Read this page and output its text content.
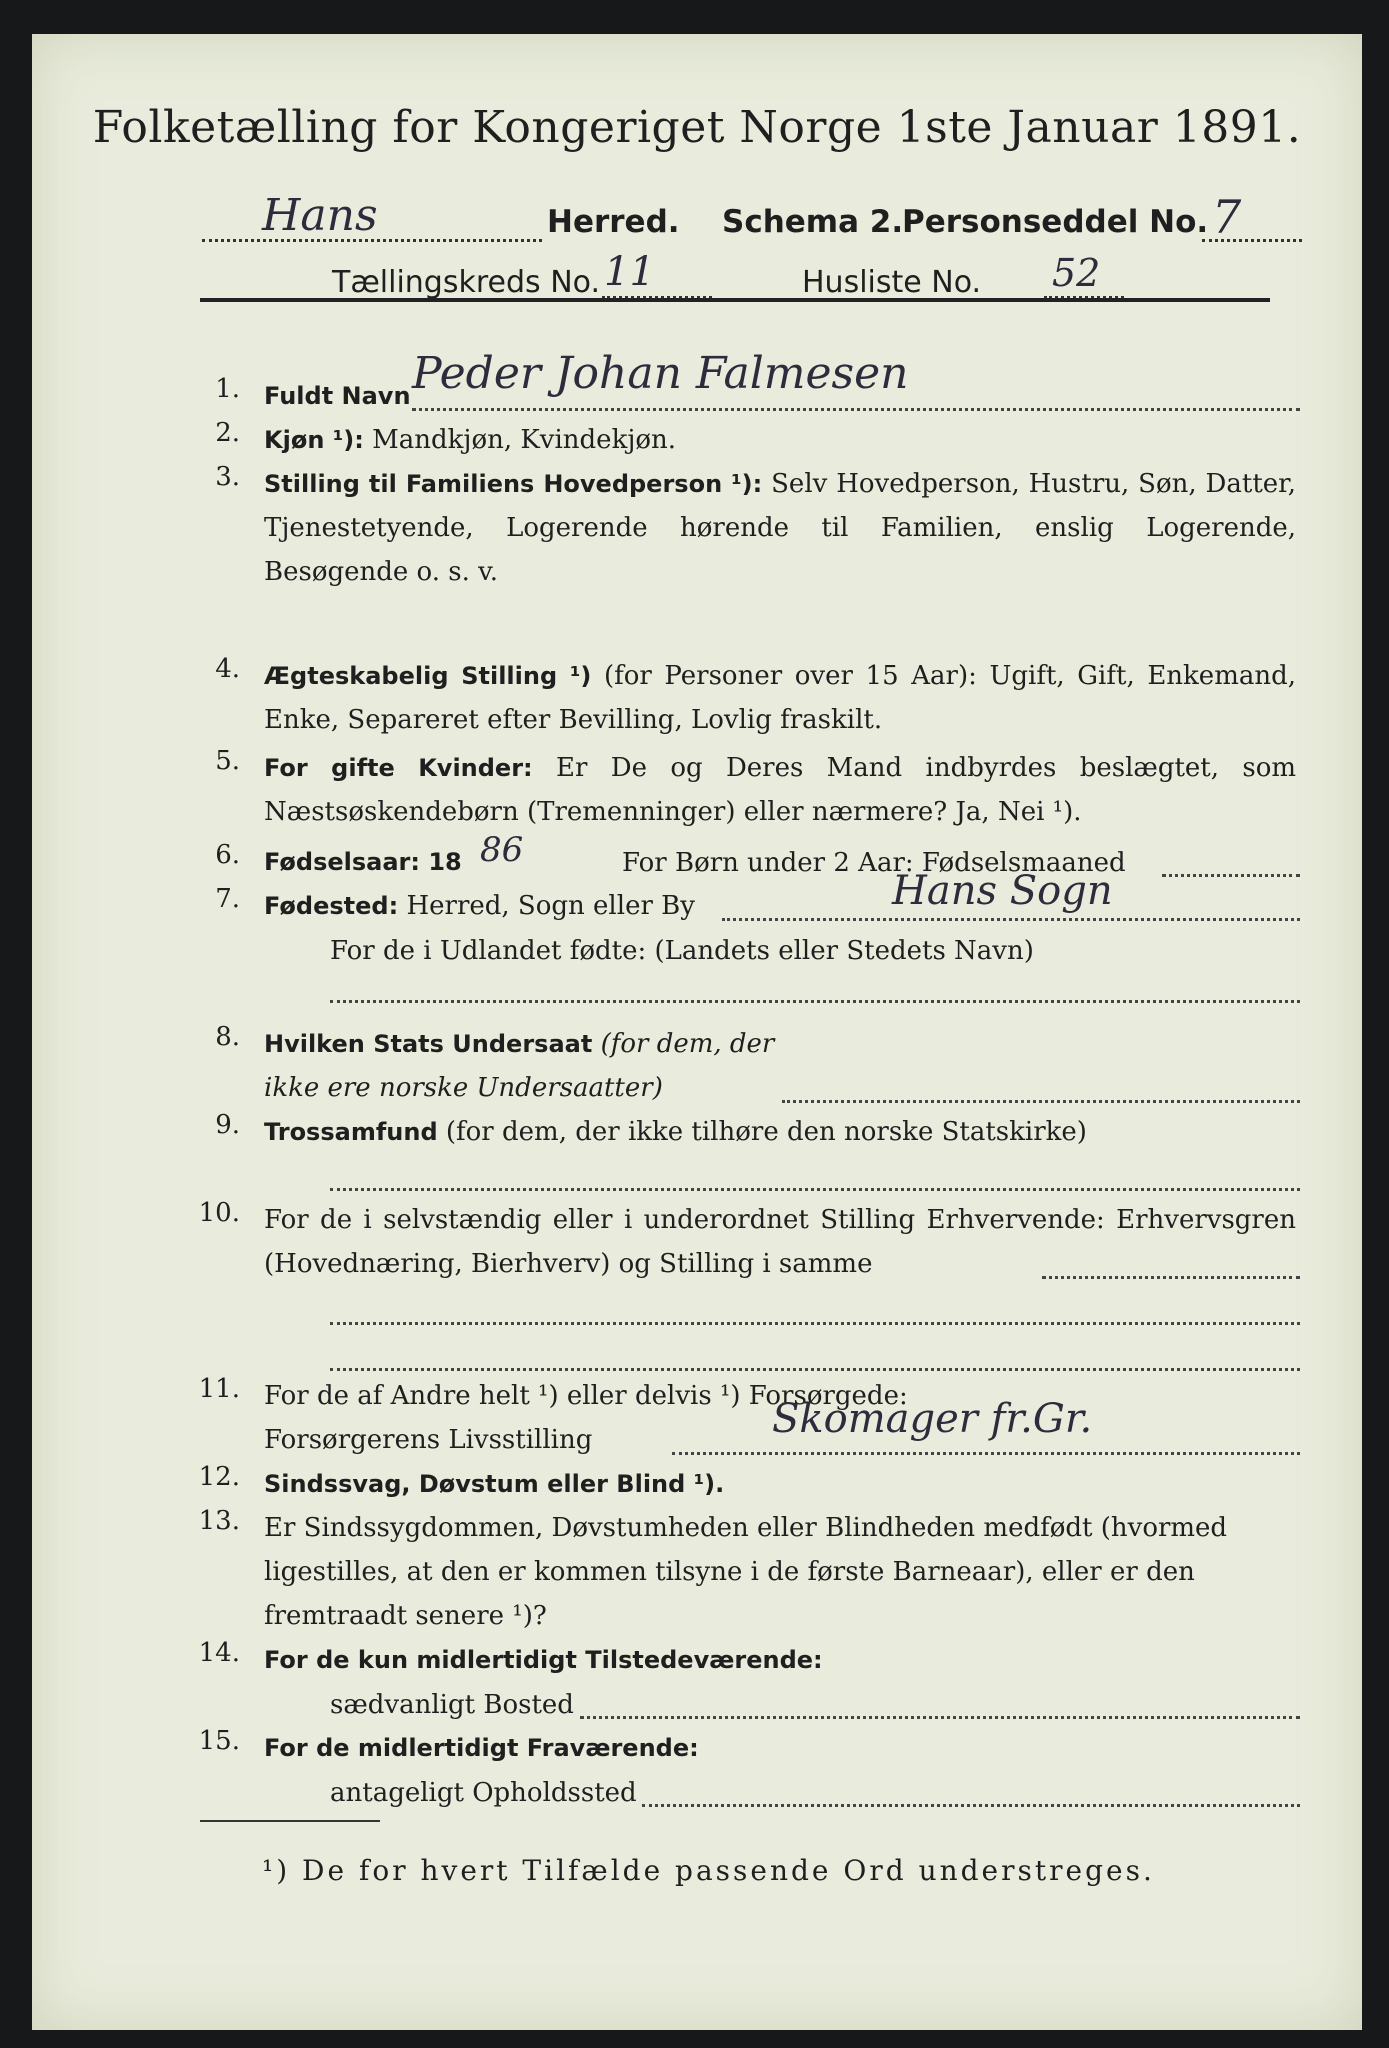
Folketælling for Kongeriget Norge 1ste Januar 1891.
Hans	Herred. Schema 2.
Personseddel No. 7
Tællingskreds No. 11	Husliste No. 52
1. Fuldt Navn Peder Johan Falmesen
2. Kjøn ¹): Mandkjøn, Kvindekjøn.
3. Stilling til Familiens Hovedperson ¹): Selv Hovedperson, Hustru, Søn, Datter, Tjenestetyende, Logerende hørende til Familien, enslig Logerende, Besøgende o. s. v.
4. Ægteskabelig Stilling ¹) (for Personer over 15 Aar): Ugift, Gift, Enkemand, Enke, Separeret efter Bevilling, Lovlig fraskilt.
5. For gifte Kvinder: Er De og Deres Mand indbyrdes beslægtet, som Næstsøskendebørn (Tremenninger) eller nærmere? Ja, Nei ¹).
6. Fødselsaar: 18 86	For Børn under 2 Aar: Fødselsmaaned
7. Fødested: Herred, Sogn eller By	Hans Sogn
For de i Udlandet fødte: (Landets eller Stedets Navn)
8. Hvilken Stats Undersaat (for dem, der ikke ere norske Undersaatter)
9. Trossamfund (for dem, der ikke tilhøre den norske Statskirke)
10. For de i selvstændig eller i underordnet Stilling Erhvervende: Erhvervsgren (Hovednæring, Bierhverv) og Stilling i samme
11. For de af Andre helt ¹) eller delvis ¹) Forsørgede: Forsørgerens Livsstilling	Skomager fr.Gr.
12. Sindssvag, Døvstum eller Blind ¹).
13. Er Sindssygdommen, Døvstumheden eller Blindheden medfødt (hvormed ligestilles, at den er kommen tilsyne i de første Barneaar), eller er den fremtraadt senere ¹)?
14. For de kun midlertidigt Tilstedeværende:
sædvanligt Bosted
15. For de midlertidigt Fraværende:
antageligt Opholdssted
¹) De for hvert Tilfælde passende Ord understreges.
